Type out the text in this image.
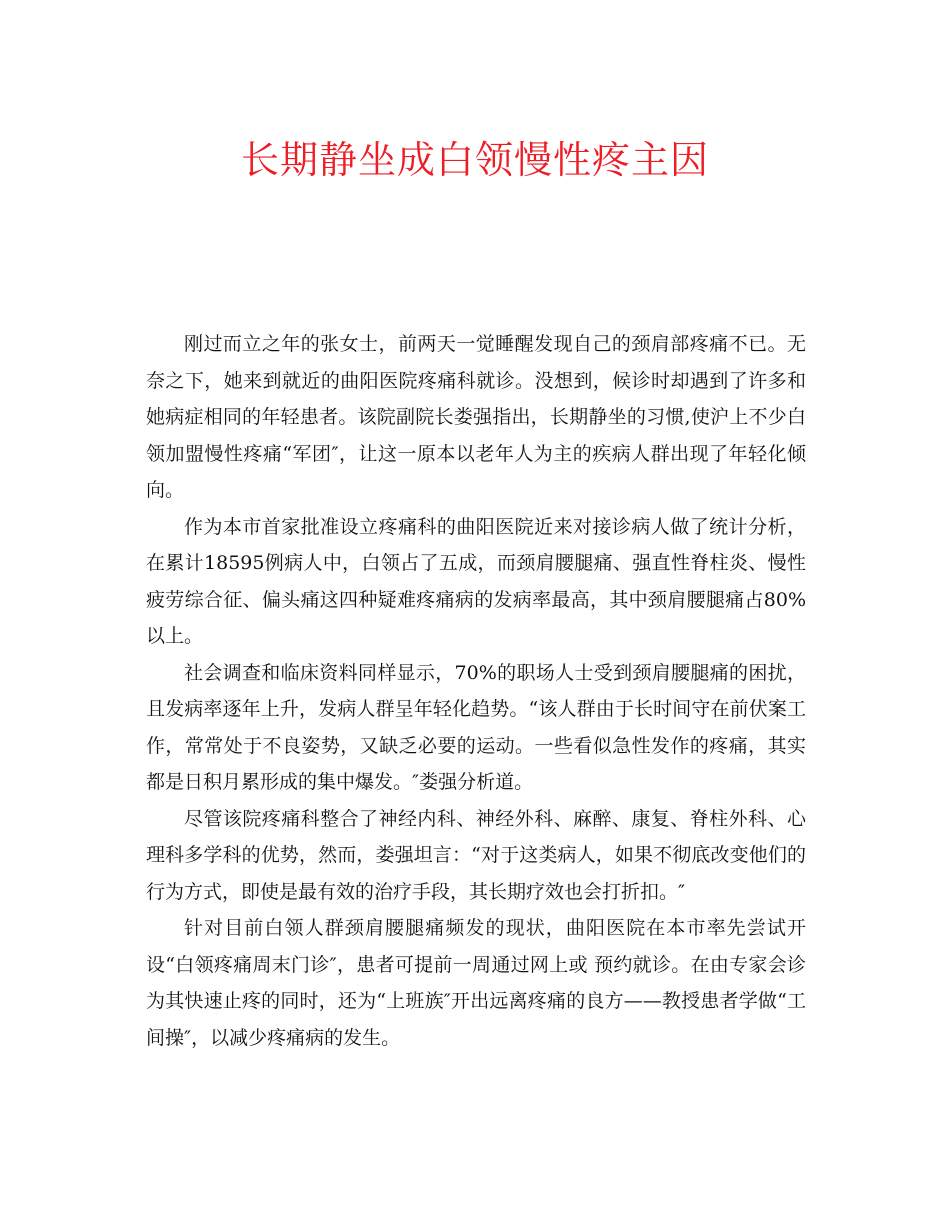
长期静坐成白领慢性疼主因

刚过而立之年的张女士，前两天一觉睡醒发现自己的颈肩部疼痛不已。无奈之下，她来到就近的曲阳医院疼痛科就诊。没想到，候诊时却遇到了许多和她病症相同的年轻患者。该院副院长娄强指出，长期静坐的习惯,使沪上不少白领加盟慢性疼痛“军团″，让这一原本以老年人为主的疾病人群出现了年轻化倾向。

作为本市首家批准设立疼痛科的曲阳医院近来对接诊病人做了统计分析，在累计18595例病人中，白领占了五成，而颈肩腰腿痛、强直性脊柱炎、慢性疲劳综合征、偏头痛这四种疑难疼痛病的发病率最高，其中颈肩腰腿痛占80%以上。

社会调查和临床资料同样显示，70%的职场人士受到颈肩腰腿痛的困扰，且发病率逐年上升，发病人群呈年轻化趋势。“该人群由于长时间守在前伏案工作，常常处于不良姿势，又缺乏必要的运动。一些看似急性发作的疼痛，其实都是日积月累形成的集中爆发。″娄强分析道。

尽管该院疼痛科整合了神经内科、神经外科、麻醉、康复、脊柱外科、心理科多学科的优势，然而，娄强坦言：“对于这类病人，如果不彻底改变他们的行为方式，即使是最有效的治疗手段，其长期疗效也会打折扣。″

针对目前白领人群颈肩腰腿痛频发的现状，曲阳医院在本市率先尝试开设“白领疼痛周末门诊″，患者可提前一周通过网上或 预约就诊。在由专家会诊为其快速止疼的同时，还为“上班族″开出远离疼痛的良方——教授患者学做“工间操″，以减少疼痛病的发生。
